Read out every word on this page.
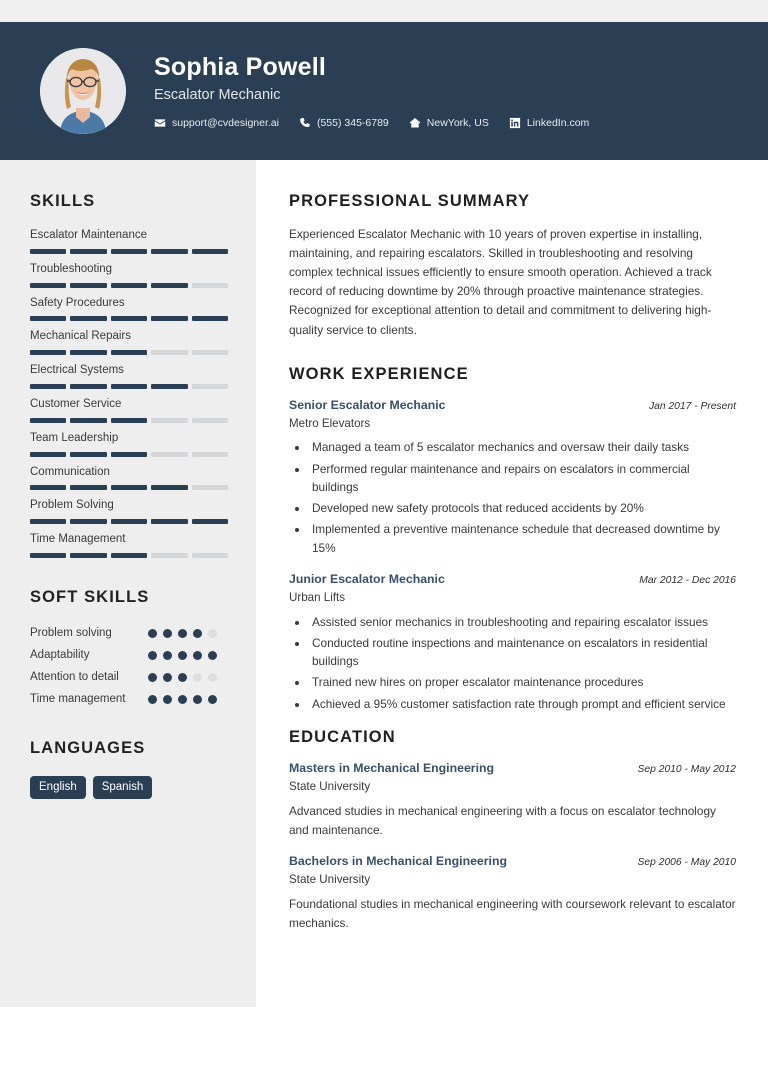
Sophia Powell
Escalator Mechanic
support@cvdesigner.ai	(555) 345-6789	NewYork, US	LinkedIn.com
SKILLS
Escalator Maintenance
Troubleshooting
Safety Procedures
Mechanical Repairs
Electrical Systems
Customer Service
Team Leadership
Communication
Problem Solving
Time Management
SOFT SKILLS
Problem solving
Adaptability
Attention to detail
Time management
LANGUAGES
English	Spanish
PROFESSIONAL SUMMARY
Experienced Escalator Mechanic with 10 years of proven expertise in installing, maintaining, and repairing escalators. Skilled in troubleshooting and resolving complex technical issues efficiently to ensure smooth operation. Achieved a track record of reducing downtime by 20% through proactive maintenance strategies. Recognized for exceptional attention to detail and commitment to delivering high-quality service to clients.
WORK EXPERIENCE
Senior Escalator Mechanic	Jan 2017 - Present
Metro Elevators
• Managed a team of 5 escalator mechanics and oversaw their daily tasks
• Performed regular maintenance and repairs on escalators in commercial buildings
• Developed new safety protocols that reduced accidents by 20%
• Implemented a preventive maintenance schedule that decreased downtime by 15%
Junior Escalator Mechanic	Mar 2012 - Dec 2016
Urban Lifts
• Assisted senior mechanics in troubleshooting and repairing escalator issues
• Conducted routine inspections and maintenance on escalators in residential buildings
• Trained new hires on proper escalator maintenance procedures
• Achieved a 95% customer satisfaction rate through prompt and efficient service
EDUCATION
Masters in Mechanical Engineering	Sep 2010 - May 2012
State University
Advanced studies in mechanical engineering with a focus on escalator technology and maintenance.
Bachelors in Mechanical Engineering	Sep 2006 - May 2010
State University
Foundational studies in mechanical engineering with coursework relevant to escalator mechanics.
